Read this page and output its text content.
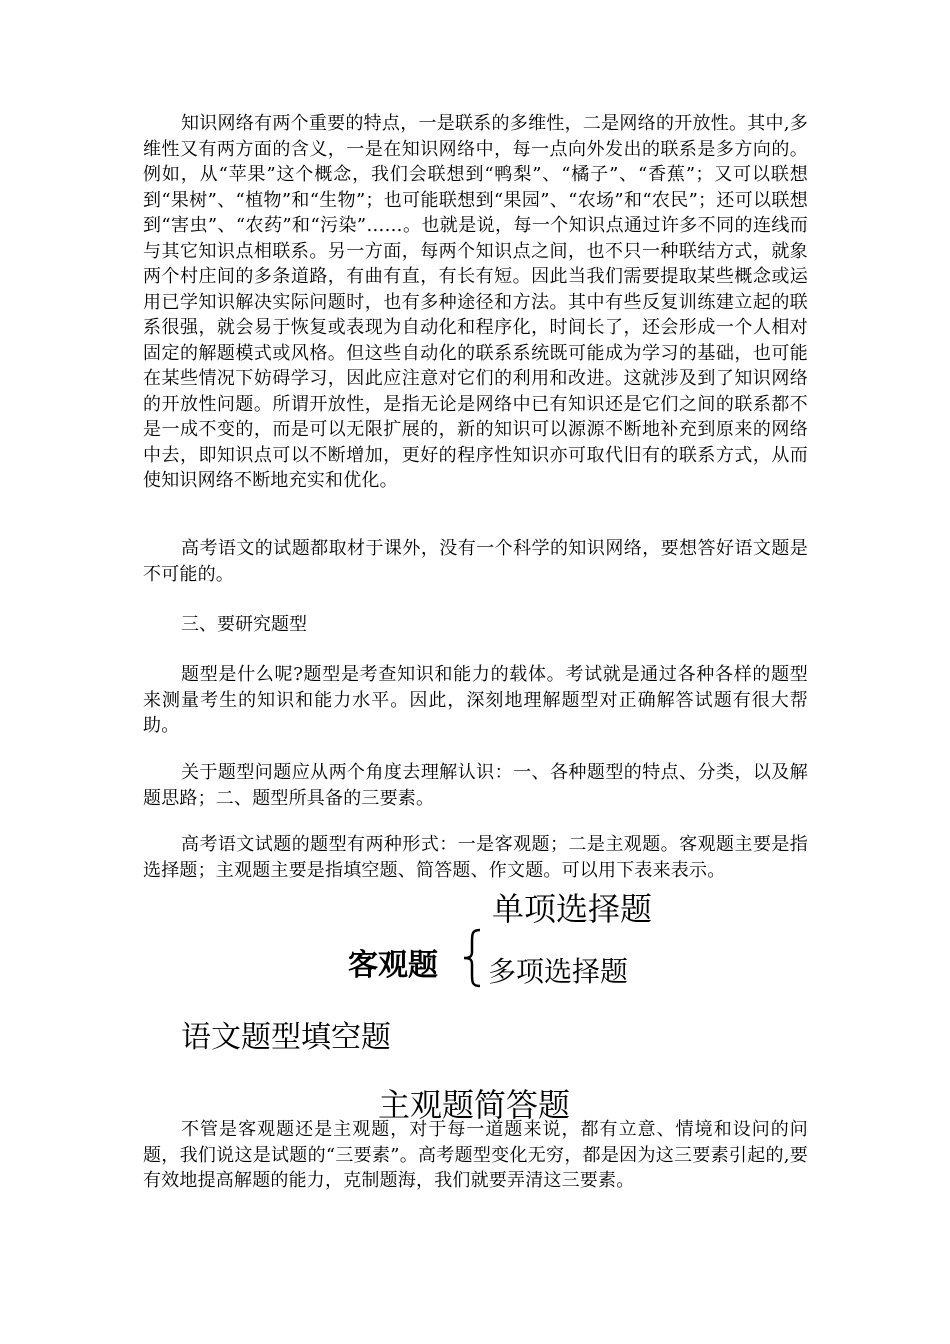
知识网络有两个重要的特点，一是联系的多维性，二是网络的开放性。其中,多维性又有两方面的含义，一是在知识网络中，每一点向外发出的联系是多方向的。例如，从“苹果”这个概念，我们会联想到“鸭梨”、“橘子”、“香蕉”；又可以联想到“果树”、“植物”和“生物”；也可能联想到“果园”、“农场”和“农民”；还可以联想到“害虫”、“农药”和“污染”……。也就是说，每一个知识点通过许多不同的连线而与其它知识点相联系。另一方面，每两个知识点之间，也不只一种联结方式，就象两个村庄间的多条道路，有曲有直，有长有短。因此当我们需要提取某些概念或运用已学知识解决实际问题时，也有多种途径和方法。其中有些反复训练建立起的联系很强，就会易于恢复或表现为自动化和程序化，时间长了，还会形成一个人相对固定的解题模式或风格。但这些自动化的联系系统既可能成为学习的基础，也可能在某些情况下妨碍学习，因此应注意对它们的利用和改进。这就涉及到了知识网络的开放性问题。所谓开放性，是指无论是网络中已有知识还是它们之间的联系都不是一成不变的，而是可以无限扩展的，新的知识可以源源不断地补充到原来的网络中去，即知识点可以不断增加，更好的程序性知识亦可取代旧有的联系方式，从而使知识网络不断地充实和优化。

高考语文的试题都取材于课外，没有一个科学的知识网络，要想答好语文题是不可能的。

三、要研究题型

题型是什么呢?题型是考查知识和能力的载体。考试就是通过各种各样的题型来测量考生的知识和能力水平。因此，深刻地理解题型对正确解答试题有很大帮助。

关于题型问题应从两个角度去理解认识：一、各种题型的特点、分类，以及解题思路；二、题型所具备的三要素。

高考语文试题的题型有两种形式：一是客观题；二是主观题。客观题主要是指选择题；主观题主要是指填空题、简答题、作文题。可以用下表来表示。

单项选择题

客观题 多项选择题

语文题型填空题

主观题简答题

不管是客观题还是主观题，对于每一道题来说，都有立意、情境和设问的问题，我们说这是试题的“三要素”。高考题型变化无穷，都是因为这三要素引起的,要有效地提高解题的能力，克制题海，我们就要弄清这三要素。
